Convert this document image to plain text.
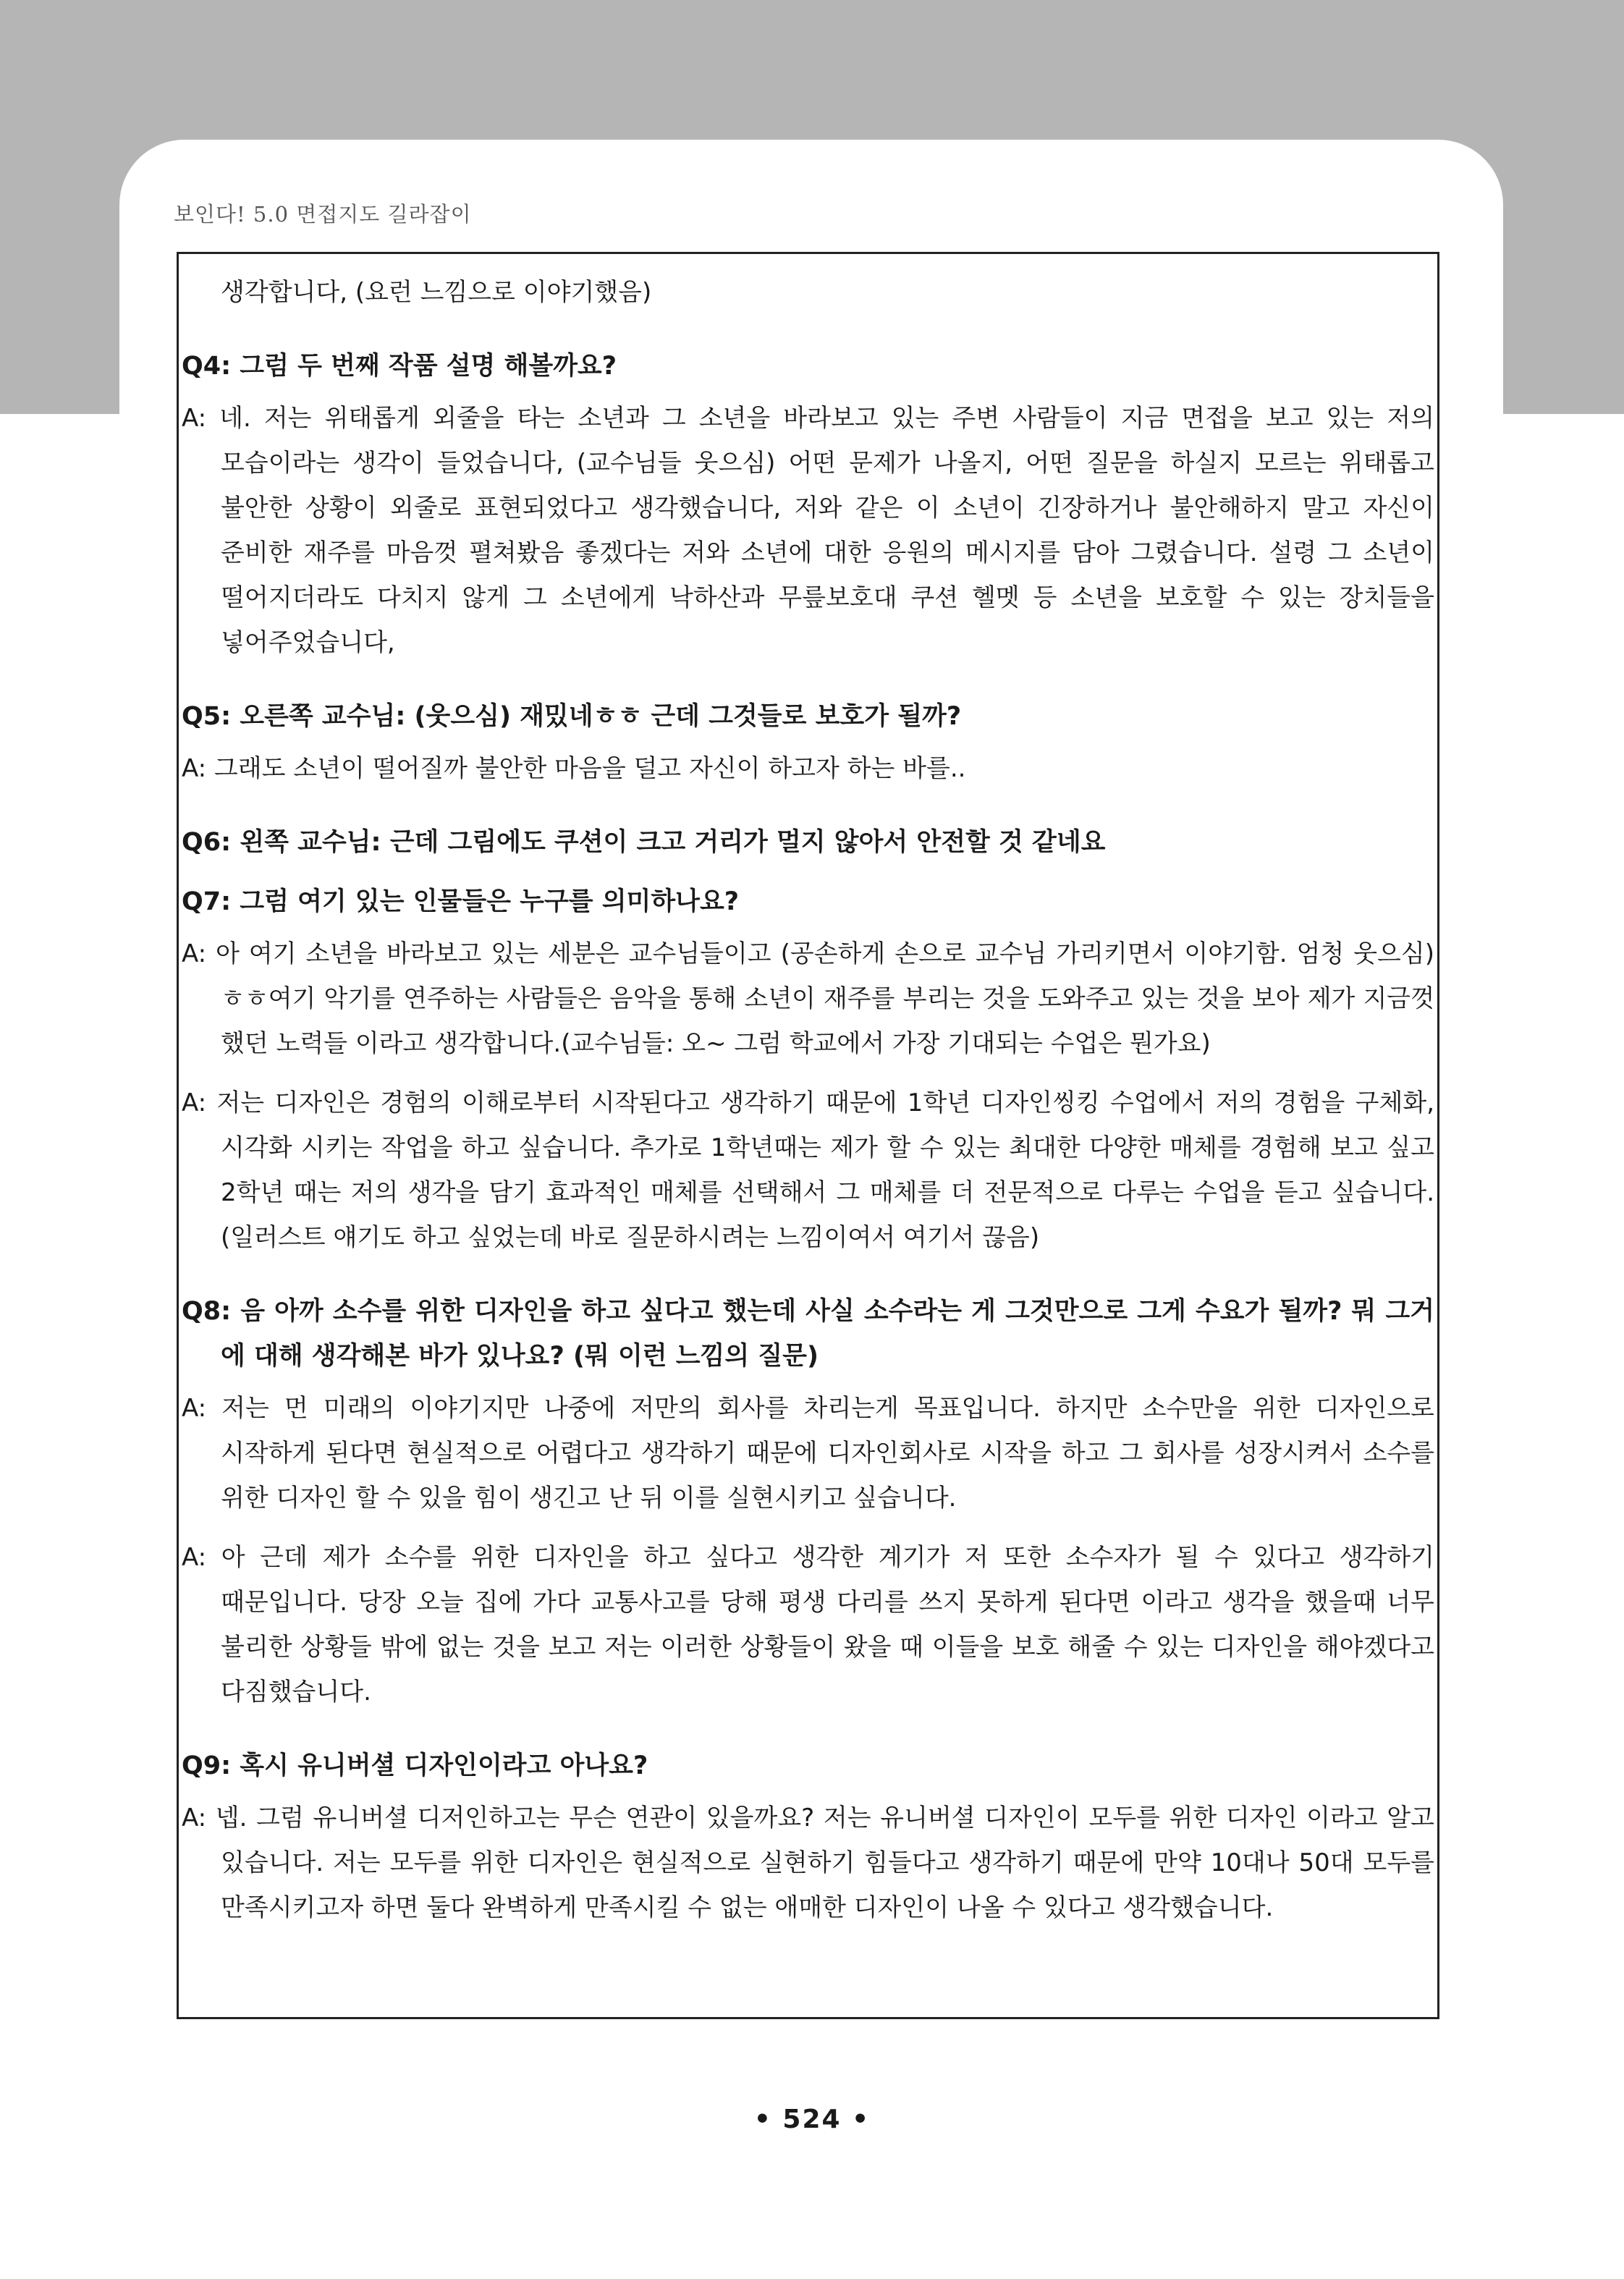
보인다! 5.0 면접지도 길라잡이
생각합니다, (요런 느낌으로 이야기했음)
Q4: 그럼 두 번째 작품 설명 해볼까요?
A: 네. 저는 위태롭게 외줄을 타는 소년과 그 소년을 바라보고 있는 주변 사람들이 지금 면접을 보고 있는 저의 모습이라는 생각이 들었습니다, (교수님들 웃으심) 어떤 문제가 나올지, 어떤 질문을 하실지 모르는 위태롭고 불안한 상황이 외줄로 표현되었다고 생각했습니다, 저와 같은 이 소년이 긴장하거나 불안해하지 말고 자신이 준비한 재주를 마음껏 펼쳐봤음 좋겠다는 저와 소년에 대한 응원의 메시지를 담아 그렸습니다. 설령 그 소년이 떨어지더라도 다치지 않게 그 소년에게 낙하산과 무릎보호대 쿠션 헬멧 등 소년을 보호할 수 있는 장치들을 넣어주었습니다,
Q5: 오른쪽 교수님: (웃으심) 재밌네ㅎㅎ 근데 그것들로 보호가 될까?
A: 그래도 소년이 떨어질까 불안한 마음을 덜고 자신이 하고자 하는 바를..
Q6: 왼쪽 교수님: 근데 그림에도 쿠션이 크고 거리가 멀지 않아서 안전할 것 같네요
Q7: 그럼 여기 있는 인물들은 누구를 의미하나요?
A: 아 여기 소년을 바라보고 있는 세분은 교수님들이고 (공손하게 손으로 교수님 가리키면서 이야기함. 엄청 웃으심) ㅎㅎ여기 악기를 연주하는 사람들은 음악을 통해 소년이 재주를 부리는 것을 도와주고 있는 것을 보아 제가 지금껏 했던 노력들 이라고 생각합니다.(교수님들: 오~ 그럼 학교에서 가장 기대되는 수업은 뭔가요)
A: 저는 디자인은 경험의 이해로부터 시작된다고 생각하기 때문에 1학년 디자인씽킹 수업에서 저의 경험을 구체화, 시각화 시키는 작업을 하고 싶습니다. 추가로 1학년때는 제가 할 수 있는 최대한 다양한 매체를 경험해 보고 싶고 2학년 때는 저의 생각을 담기 효과적인 매체를 선택해서 그 매체를 더 전문적으로 다루는 수업을 듣고 싶습니다. (일러스트 얘기도 하고 싶었는데 바로 질문하시려는 느낌이여서 여기서 끊음)
Q8: 음 아까 소수를 위한 디자인을 하고 싶다고 했는데 사실 소수라는 게 그것만으로 그게 수요가 될까? 뭐 그거에 대해 생각해본 바가 있나요? (뭐 이런 느낌의 질문)
A: 저는 먼 미래의 이야기지만 나중에 저만의 회사를 차리는게 목표입니다. 하지만 소수만을 위한 디자인으로 시작하게 된다면 현실적으로 어렵다고 생각하기 때문에 디자인회사로 시작을 하고 그 회사를 성장시켜서 소수를 위한 디자인 할 수 있을 힘이 생긴고 난 뒤 이를 실현시키고 싶습니다.
A: 아 근데 제가 소수를 위한 디자인을 하고 싶다고 생각한 계기가 저 또한 소수자가 될 수 있다고 생각하기 때문입니다. 당장 오늘 집에 가다 교통사고를 당해 평생 다리를 쓰지 못하게 된다면 이라고 생각을 했을때 너무 불리한 상황들 밖에 없는 것을 보고 저는 이러한 상황들이 왔을 때 이들을 보호 해줄 수 있는 디자인을 해야겠다고 다짐했습니다.
Q9: 혹시 유니버셜 디자인이라고 아나요?
A: 넵. 그럼 유니버셜 디저인하고는 무슨 연관이 있을까요? 저는 유니버셜 디자인이 모두를 위한 디자인 이라고 알고 있습니다. 저는 모두를 위한 디자인은 현실적으로 실현하기 힘들다고 생각하기 때문에 만약 10대나 50대 모두를 만족시키고자 하면 둘다 완벽하게 만족시킬 수 없는 애매한 디자인이 나올 수 있다고 생각했습니다.
• 524 •
